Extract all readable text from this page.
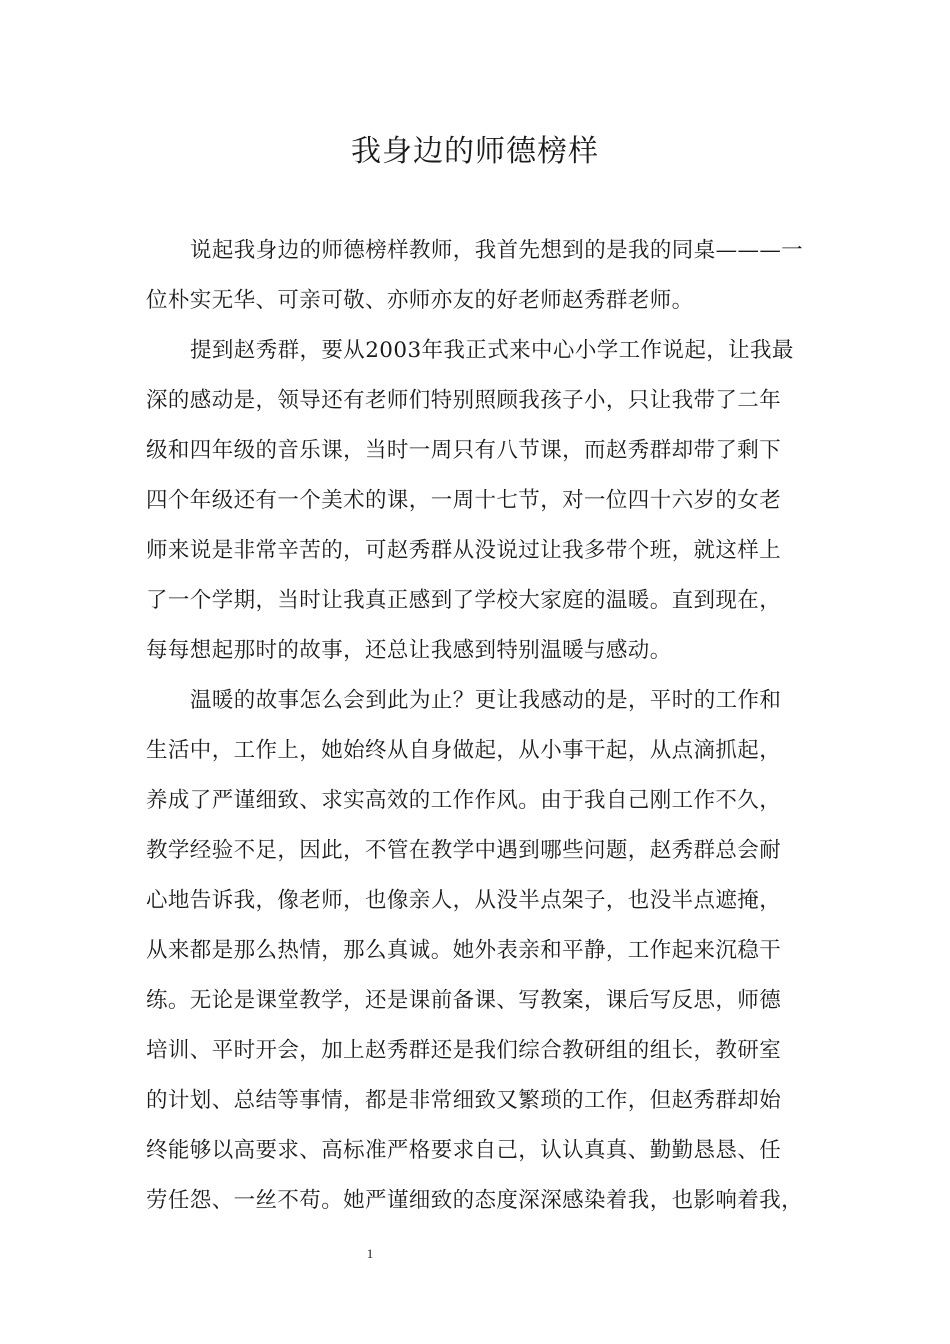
我身边的师德榜样
说起我身边的师德榜样教师，我首先想到的是我的同桌———一
位朴实无华、可亲可敬、亦师亦友的好老师赵秀群老师。
提到赵秀群，要从2003年我正式来中心小学工作说起，让我最
深的感动是，领导还有老师们特别照顾我孩子小，只让我带了二年
级和四年级的音乐课，当时一周只有八节课，而赵秀群却带了剩下
四个年级还有一个美术的课，一周十七节，对一位四十六岁的女老
师来说是非常辛苦的，可赵秀群从没说过让我多带个班，就这样上
了一个学期，当时让我真正感到了学校大家庭的温暖。直到现在，
每每想起那时的故事，还总让我感到特别温暖与感动。
温暖的故事怎么会到此为止？更让我感动的是，平时的工作和
生活中，工作上，她始终从自身做起，从小事干起，从点滴抓起，
养成了严谨细致、求实高效的工作作风。由于我自己刚工作不久，
教学经验不足，因此，不管在教学中遇到哪些问题，赵秀群总会耐
心地告诉我，像老师，也像亲人，从没半点架子，也没半点遮掩，
从来都是那么热情，那么真诚。她外表亲和平静，工作起来沉稳干
练。无论是课堂教学，还是课前备课、写教案，课后写反思，师德
培训、平时开会，加上赵秀群还是我们综合教研组的组长，教研室
的计划、总结等事情，都是非常细致又繁琐的工作，但赵秀群却始
终能够以高要求、高标准严格要求自己，认认真真、勤勤恳恳、任
劳任怨、一丝不苟。她严谨细致的态度深深感染着我，也影响着我，
1
